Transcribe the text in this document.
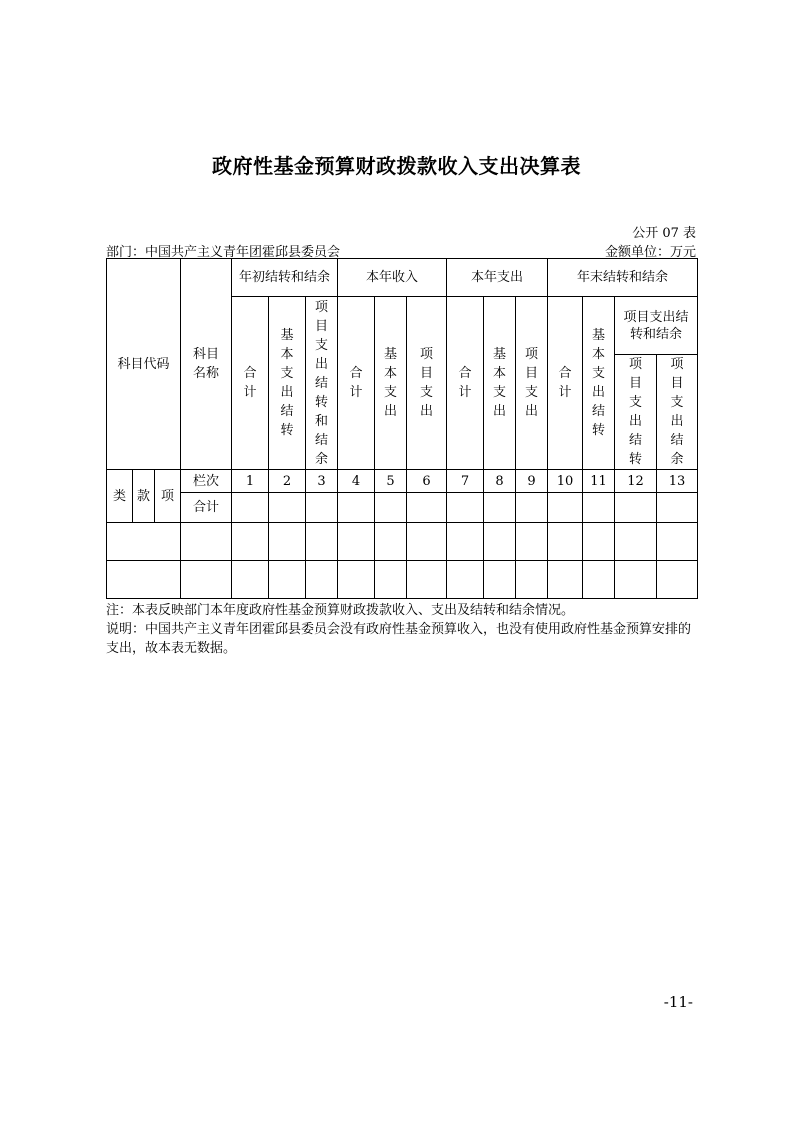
政府性基金预算财政拨款收入支出决算表
公开 07 表
部门：中国共产主义青年团霍邱县委员会	金额单位：万元
科目代码			科目名称	年初结转和结余			本年收入			本年支出			年末结转和结余			
				合计	基本支出结转	项目支出结转和结余	合计	基本支出	项目支出	合计	基本支出	项目支出	合计	基本支出结转	项目支出结转和结余	
															项目支出结转	项目支出结余
类	款	项	栏次	1	2	3	4	5	6	7	8	9	10	11	12	13
			合计													

注：本表反映部门本年度政府性基金预算财政拨款收入、支出及结转和结余情况。
说明：中国共产主义青年团霍邱县委员会没有政府性基金预算收入，也没有使用政府性基金预算安排的支出，故本表无数据。
-11-
